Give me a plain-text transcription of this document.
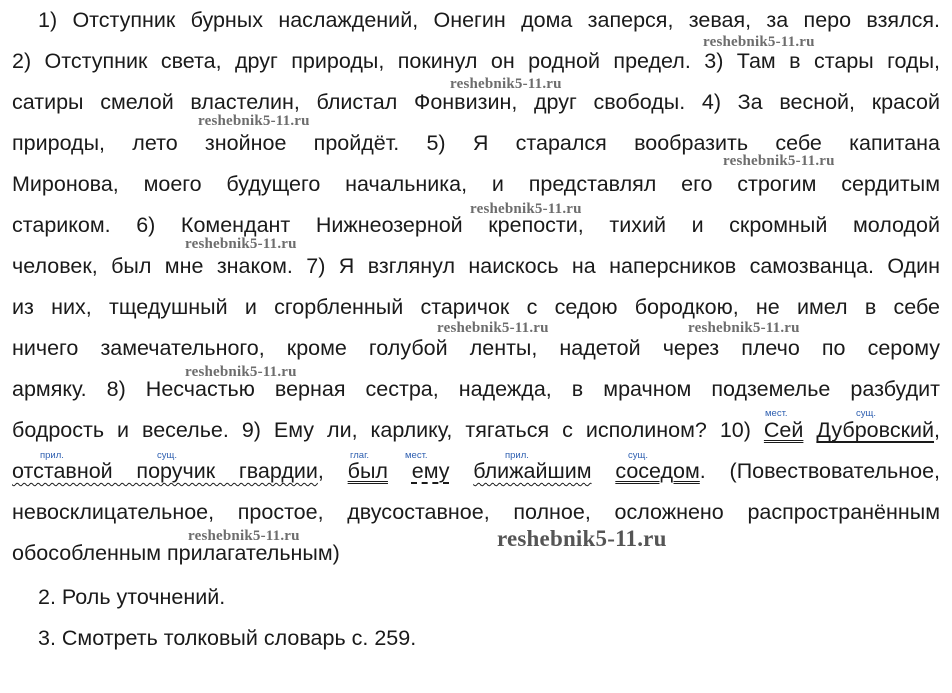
1) Отступник бурных наслаждений, Онегин дома заперся, зевая, за перо взялся.
2) Отступник света, друг природы, покинул он родной предел. 3) Там в стары годы,
сатиры смелой властелин, блистал Фонвизин, друг свободы. 4) За весной, красой
природы, лето знойное пройдёт. 5) Я старался вообразить себе капитана
Миронова, моего будущего начальника, и представлял его строгим сердитым
стариком. 6) Комендант Нижнеозерной крепости, тихий и скромный молодой
человек, был мне знаком. 7) Я взглянул наискось на наперсников самозванца. Один
из них, тщедушный и сгорбленный старичок с седою бородкою, не имел в себе
ничего замечательного, кроме голубой ленты, надетой через плечо по серому
армяку. 8) Несчастью верная сестра, надежда, в мрачном подземелье разбудит
бодрость и веселье. 9) Ему ли, карлику, тягаться с исполином? 10) Сей Дубровский,
отставной поручик гвардии, был ему ближайшим соседом. (Повествовательное,
невосклицательное, простое, двусоставное, полное, осложнено распространённым
обособленным прилагательным)
2. Роль уточнений.
3. Смотреть толковый словарь с. 259.
мест.	сущ.
прил.	сущ.	глаг.	мест.	прил.	сущ.
reshebnik5-11.ru
reshebnik5-11.ru
reshebnik5-11.ru
reshebnik5-11.ru
reshebnik5-11.ru
reshebnik5-11.ru
reshebnik5-11.ru	reshebnik5-11.ru
reshebnik5-11.ru
reshebnik5-11.ru	reshebnik5-11.ru
